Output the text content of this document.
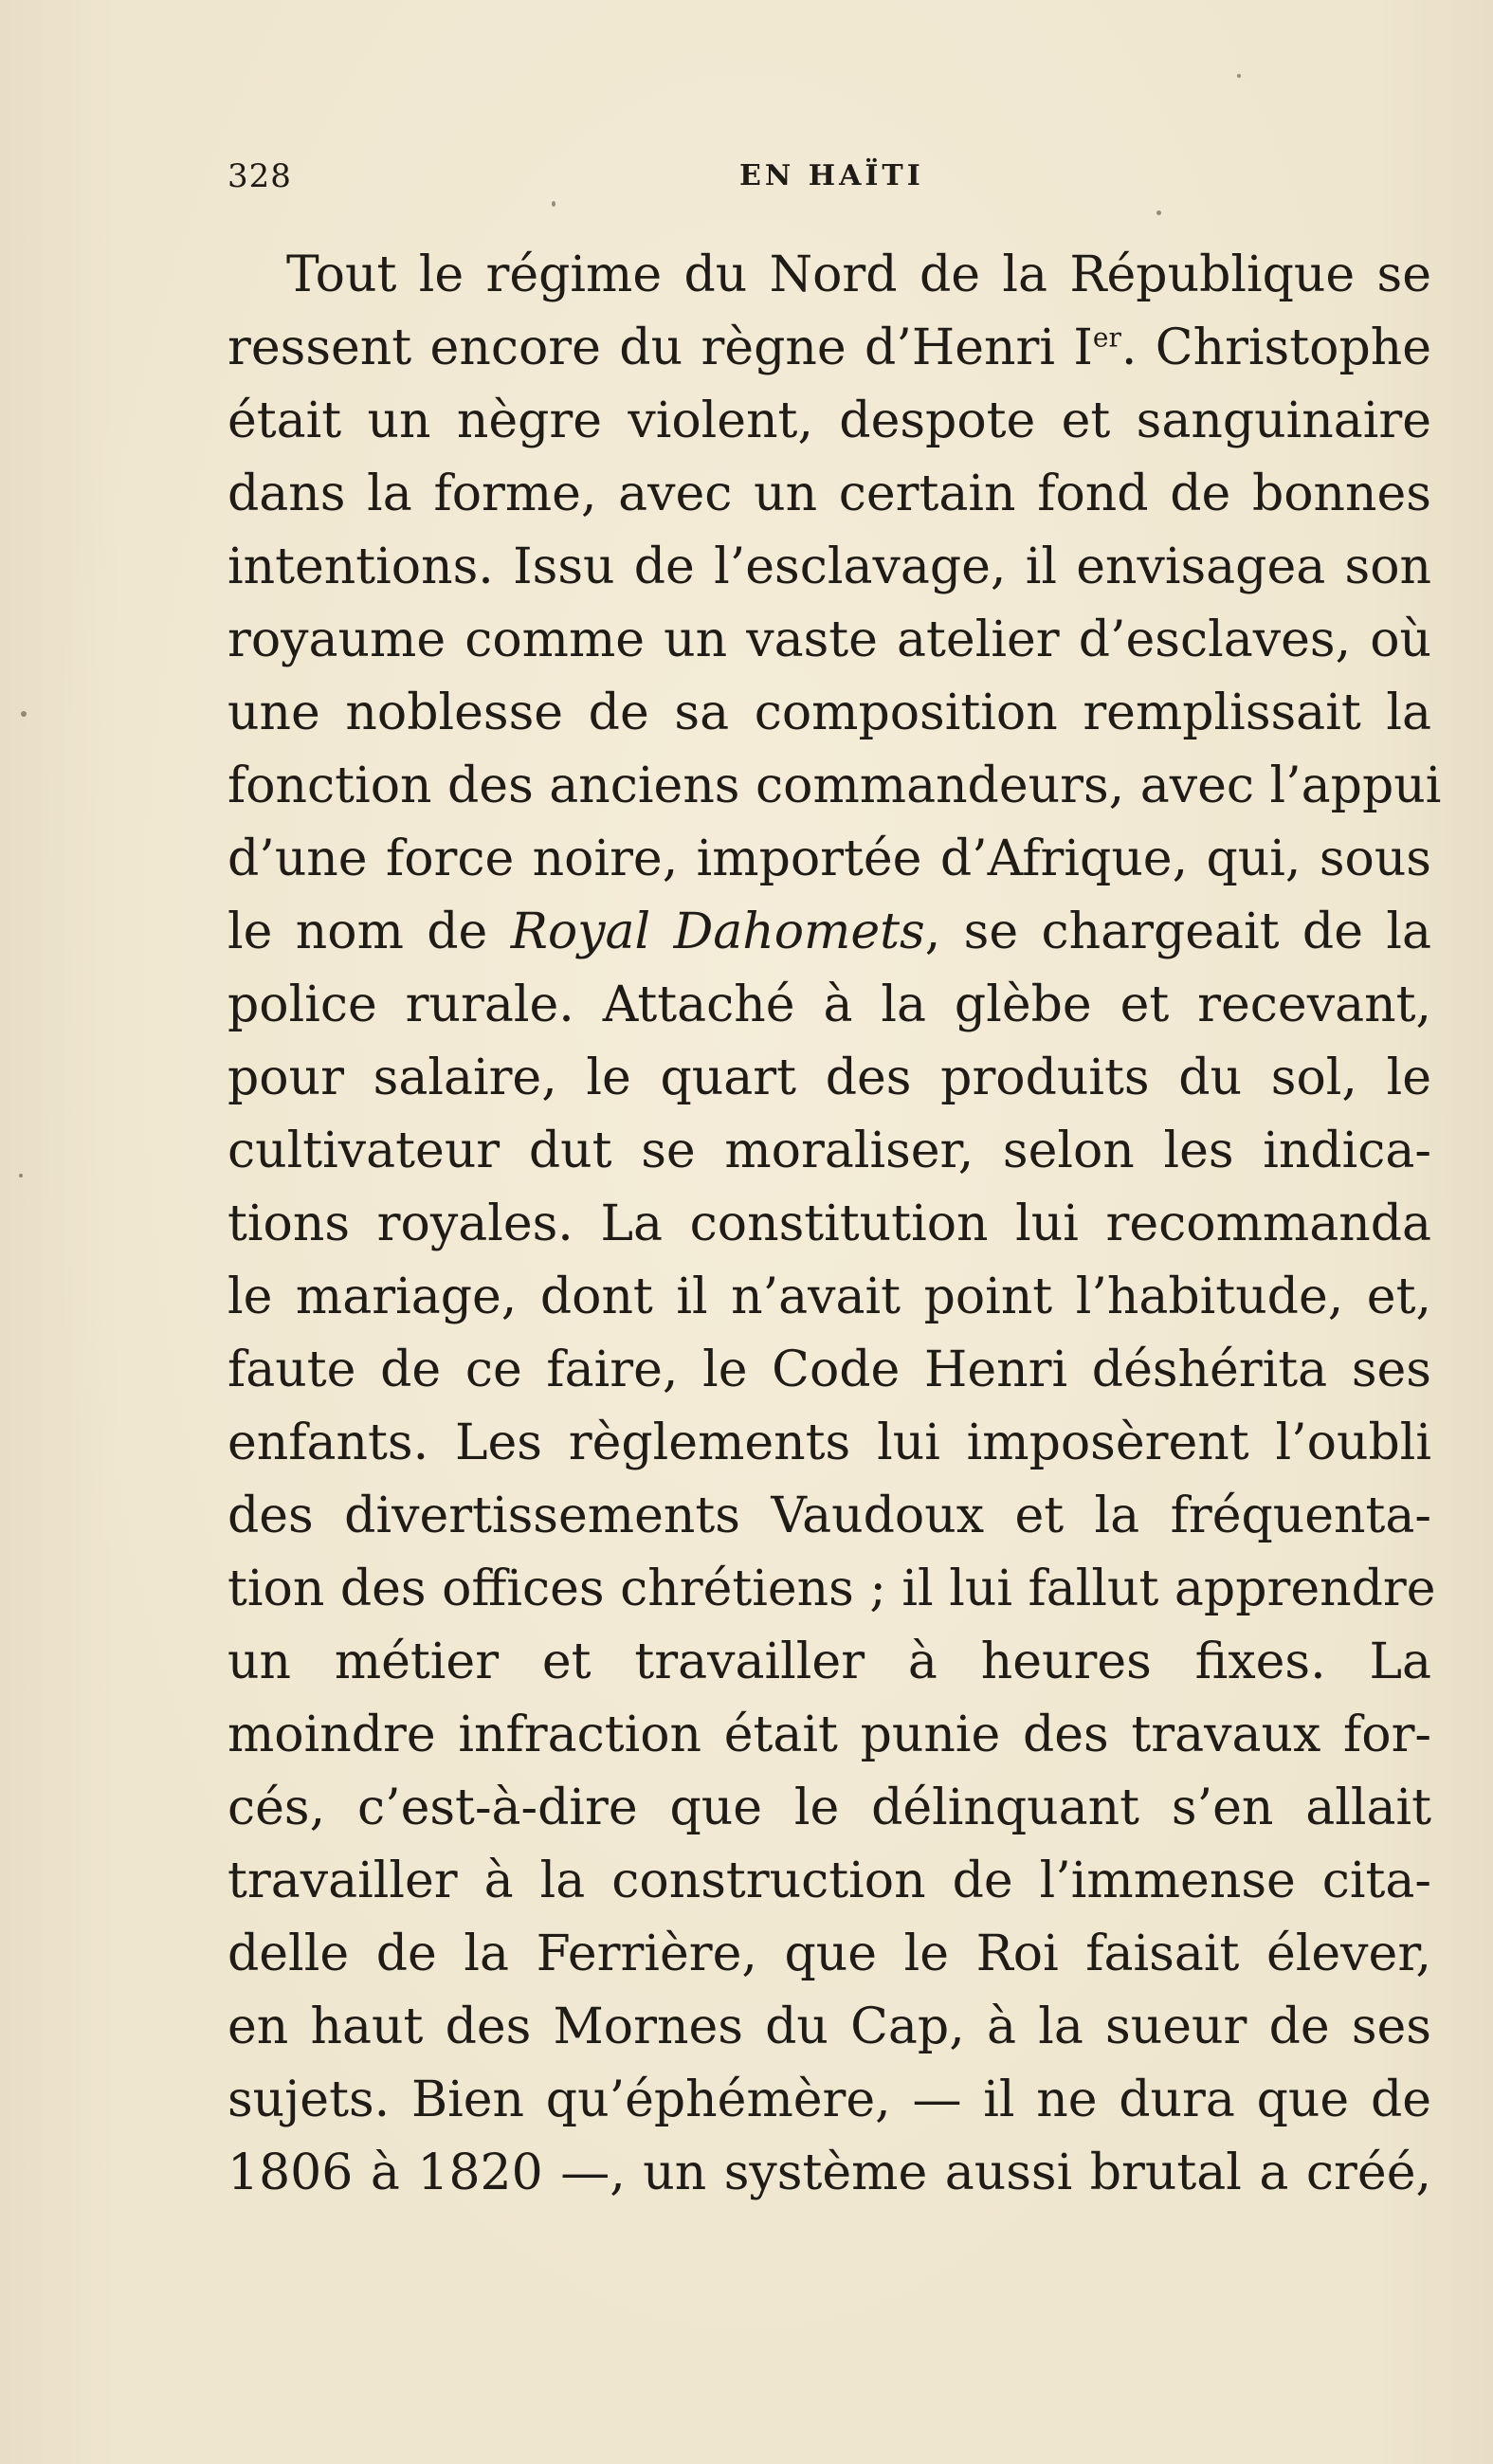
328	EN HAÏTI
Tout le régime du Nord de la République se
ressent encore du règne d’Henri Ier. Christophe
était un nègre violent, despote et sanguinaire
dans la forme, avec un certain fond de bonnes
intentions. Issu de l’esclavage, il envisagea son
royaume comme un vaste atelier d’esclaves, où
une noblesse de sa composition remplissait la
fonction des anciens commandeurs, avec l’appui
d’une force noire, importée d’Afrique, qui, sous
le nom de Royal Dahomets, se chargeait de la
police rurale. Attaché à la glèbe et recevant,
pour salaire, le quart des produits du sol, le
cultivateur dut se moraliser, selon les indica-
tions royales. La constitution lui recommanda
le mariage, dont il n’avait point l’habitude, et,
faute de ce faire, le Code Henri déshérita ses
enfants. Les règlements lui imposèrent l’oubli
des divertissements Vaudoux et la fréquenta-
tion des offices chrétiens ; il lui fallut apprendre
un métier et travailler à heures fixes. La
moindre infraction était punie des travaux for-
cés, c’est-à-dire que le délinquant s’en allait
travailler à la construction de l’immense cita-
delle de la Ferrière, que le Roi faisait élever,
en haut des Mornes du Cap, à la sueur de ses
sujets. Bien qu’éphémère, — il ne dura que de
1806 à 1820 —, un système aussi brutal a créé,
